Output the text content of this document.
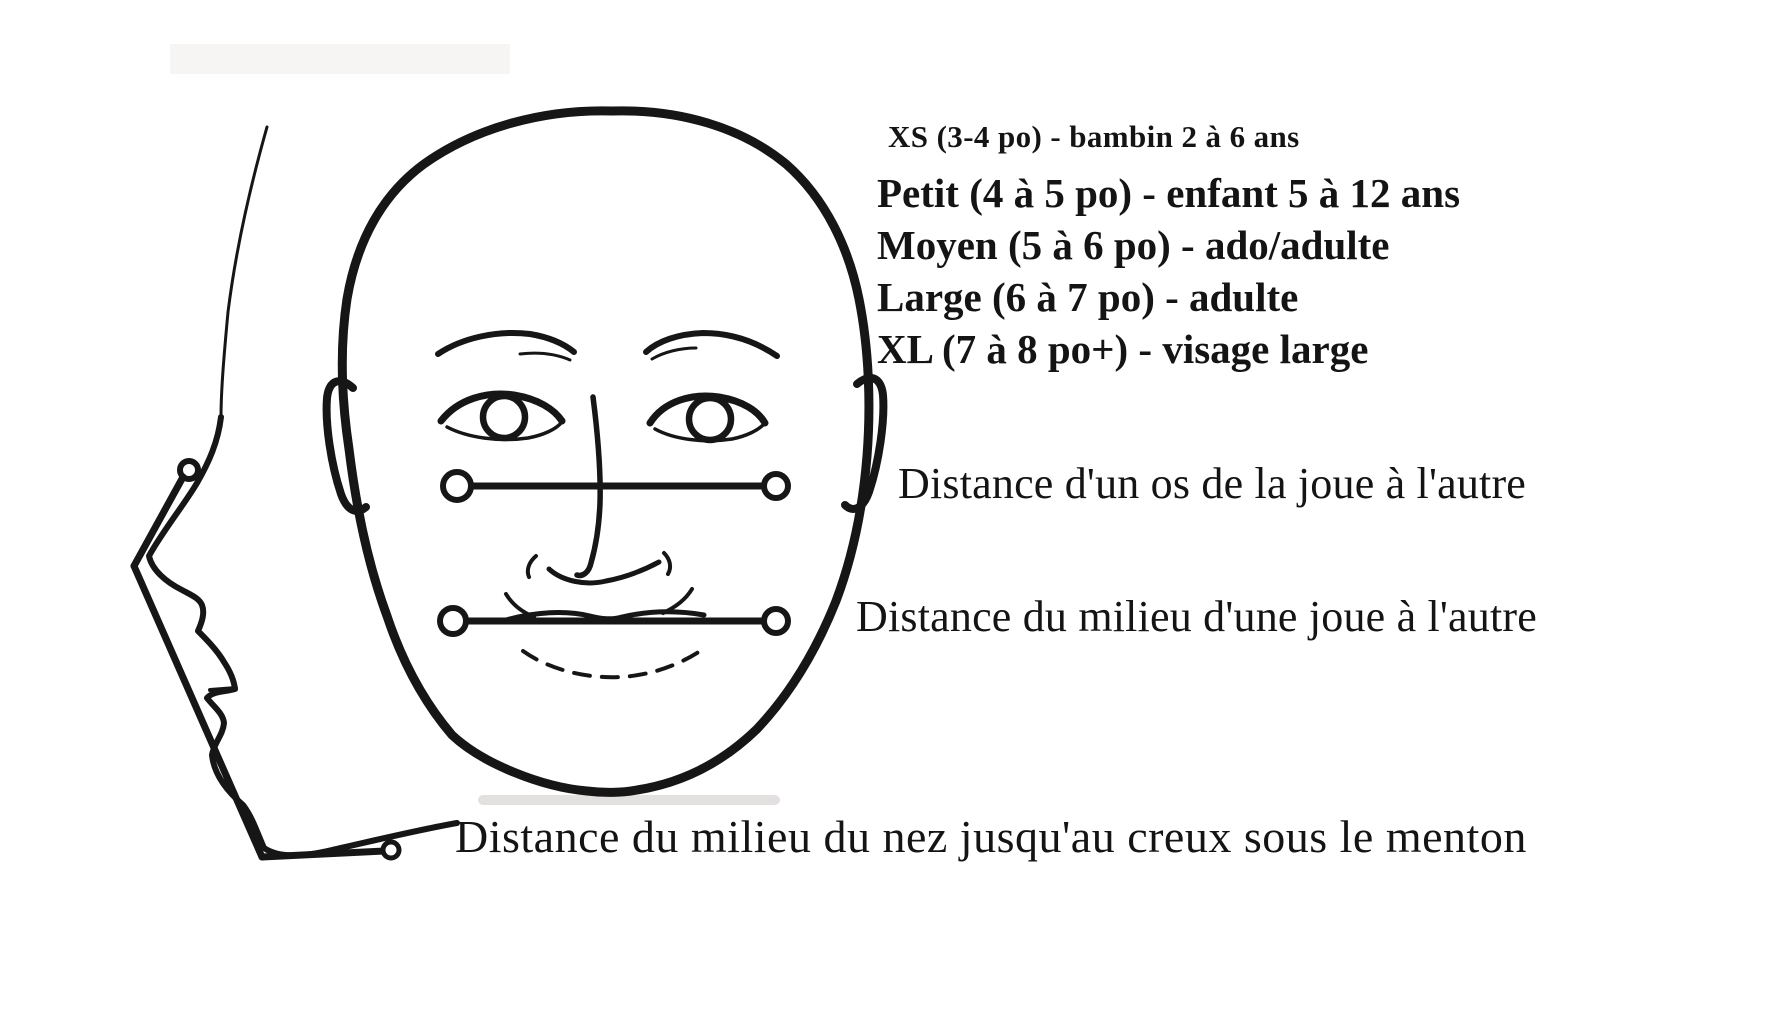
XS (3-4 po) - bambin 2 à 6 ans
Petit (4 à 5 po) - enfant 5 à 12 ans
Moyen (5 à 6 po) - ado/adulte
Large (6 à 7 po) - adulte
XL (7 à 8 po+) - visage large
Distance d'un os de la joue à l'autre
Distance du milieu d'une joue à l'autre
Distance du milieu du nez jusqu'au creux sous le menton
